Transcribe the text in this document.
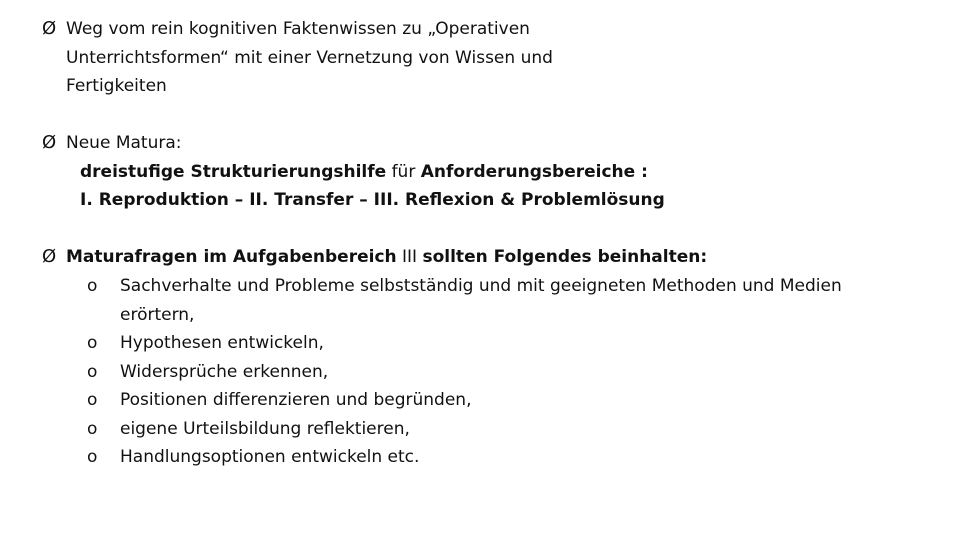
Ø Weg vom rein kognitiven Faktenwissen zu „Operativen
Unterrichtsformen“ mit einer Vernetzung von Wissen und
Fertigkeiten
Ø Neue Matura:
dreistufige Strukturierungshilfe für Anforderungsbereiche :
I. Reproduktion – II. Transfer – III. Reflexion & Problemlösung
Ø Maturafragen im Aufgabenbereich III sollten Folgendes beinhalten:
o Sachverhalte und Probleme selbstständig und mit geeigneten Methoden und Medien
erörtern,
o Hypothesen entwickeln,
o Widersprüche erkennen,
o Positionen differenzieren und begründen,
o eigene Urteilsbildung reflektieren,
o Handlungsoptionen entwickeln etc.
